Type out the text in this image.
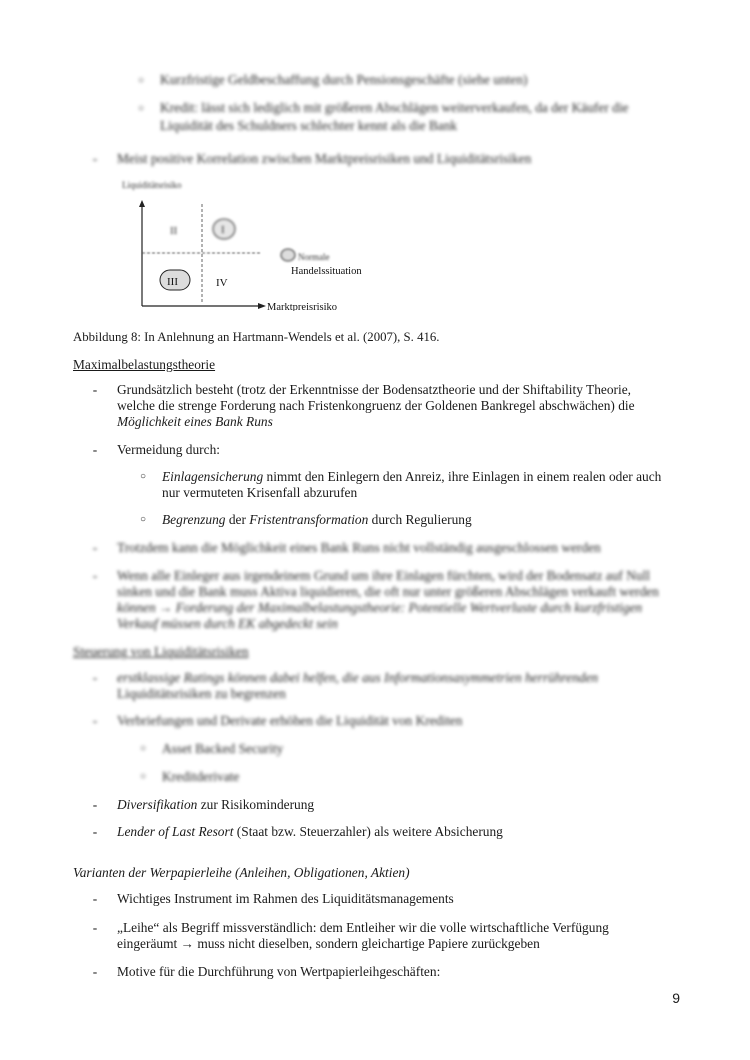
○ Kurzfristige Geldbeschaffung durch Pensionsgeschäfte (siehe unten)
○ Kredit: lässt sich lediglich mit größeren Abschlägen weiterverkaufen, da der Käufer die
Liquidität des Schuldners schlechter kennt als die Bank
- Meist positive Korrelation zwischen Marktpreisrisiken und Liquiditätsrisiken
Liquiditätsrisiko
II	I
III	IV
Normale
Handelssituation
Marktpreisrisiko
Abbildung 8: In Anlehnung an Hartmann-Wendels et al. (2007), S. 416.
Maximalbelastungstheorie
- Grundsätzlich besteht (trotz der Erkenntnisse der Bodensatztheorie und der Shiftability Theorie,
welche die strenge Forderung nach Fristenkongruenz der Goldenen Bankregel abschwächen) die
Möglichkeit eines Bank Runs
- Vermeidung durch:
○ Einlagensicherung nimmt den Einlegern den Anreiz, ihre Einlagen in einem realen oder auch
nur vermuteten Krisenfall abzurufen
○ Begrenzung der Fristentransformation durch Regulierung
- Trotzdem kann die Möglichkeit eines Bank Runs nicht vollständig ausgeschlossen werden
- Wenn alle Einleger aus irgendeinem Grund um ihre Einlagen fürchten, wird der Bodensatz auf Null
sinken und die Bank muss Aktiva liquidieren, die oft nur unter größeren Abschlägen verkauft werden
können → Forderung der Maximalbelastungstheorie: Potentielle Wertverluste durch kurzfristigen
Verkauf müssen durch EK abgedeckt sein
Steuerung von Liquiditätsrisiken
- erstklassige Ratings können dabei helfen, die aus Informationsasymmetrien herrührenden
Liquiditätsrisiken zu begrenzen
- Verbriefungen und Derivate erhöhen die Liquidität von Krediten
○ Asset Backed Security
○ Kreditderivate
- Diversifikation zur Risikominderung
- Lender of Last Resort (Staat bzw. Steuerzahler) als weitere Absicherung
Varianten der Werpapierleihe (Anleihen, Obligationen, Aktien)
- Wichtiges Instrument im Rahmen des Liquiditätsmanagements
- „Leihe“ als Begriff missverständlich: dem Entleiher wir die volle wirtschaftliche Verfügung
eingeräumt → muss nicht dieselben, sondern gleichartige Papiere zurückgeben
- Motive für die Durchführung von Wertpapierleihgeschäften:
9
